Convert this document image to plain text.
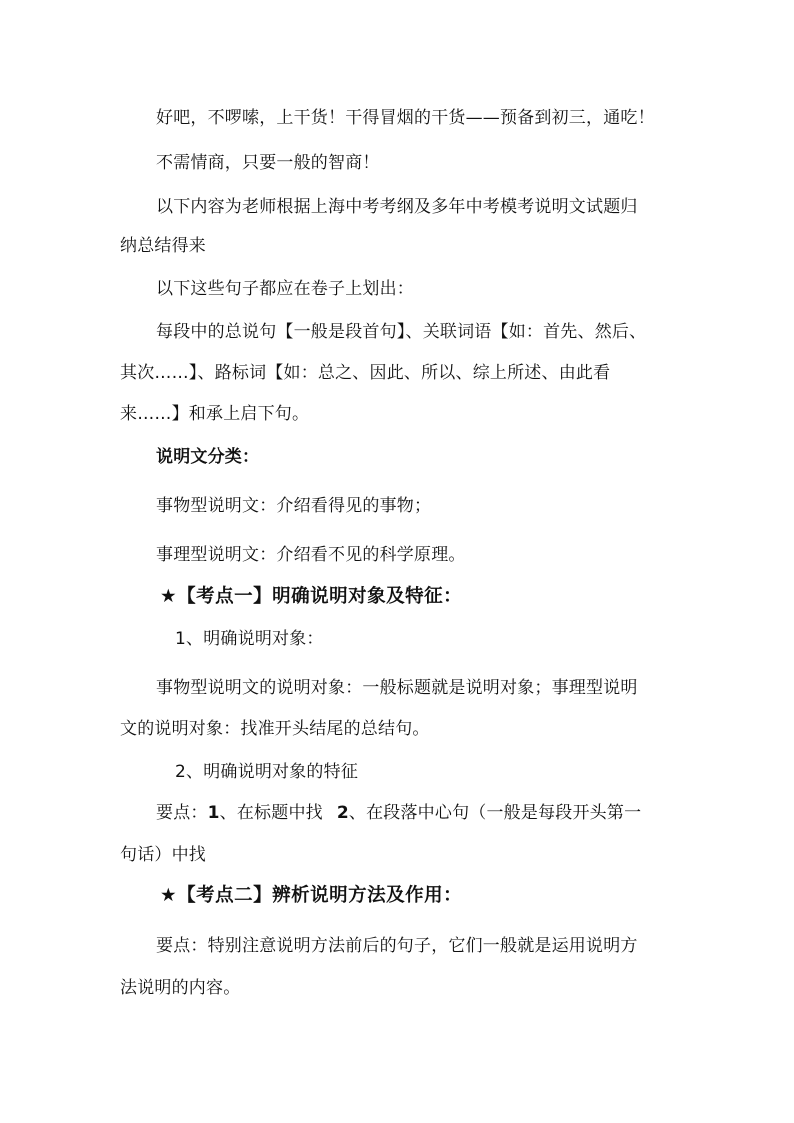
好吧，不啰嗦，上干货！干得冒烟的干货——预备到初三，通吃！
不需情商，只要一般的智商！
以下内容为老师根据上海中考考纲及多年中考模考说明文试题归
纳总结得来
以下这些句子都应在卷子上划出：
每段中的总说句【一般是段首句】、关联词语【如：首先、然后、
其次……】、路标词【如：总之、因此、所以、综上所述、由此看
来……】和承上启下句。
说明文分类：
事物型说明文：介绍看得见的事物；
事理型说明文：介绍看不见的科学原理。
★【考点一】明确说明对象及特征：
1、明确说明对象：
事物型说明文的说明对象：一般标题就是说明对象；事理型说明
文的说明对象：找准开头结尾的总结句。
2、明确说明对象的特征
要点：1、在标题中找 2、在段落中心句（一般是每段开头第一
句话）中找
★【考点二】辨析说明方法及作用：
要点：特别注意说明方法前后的句子，它们一般就是运用说明方
法说明的内容。
